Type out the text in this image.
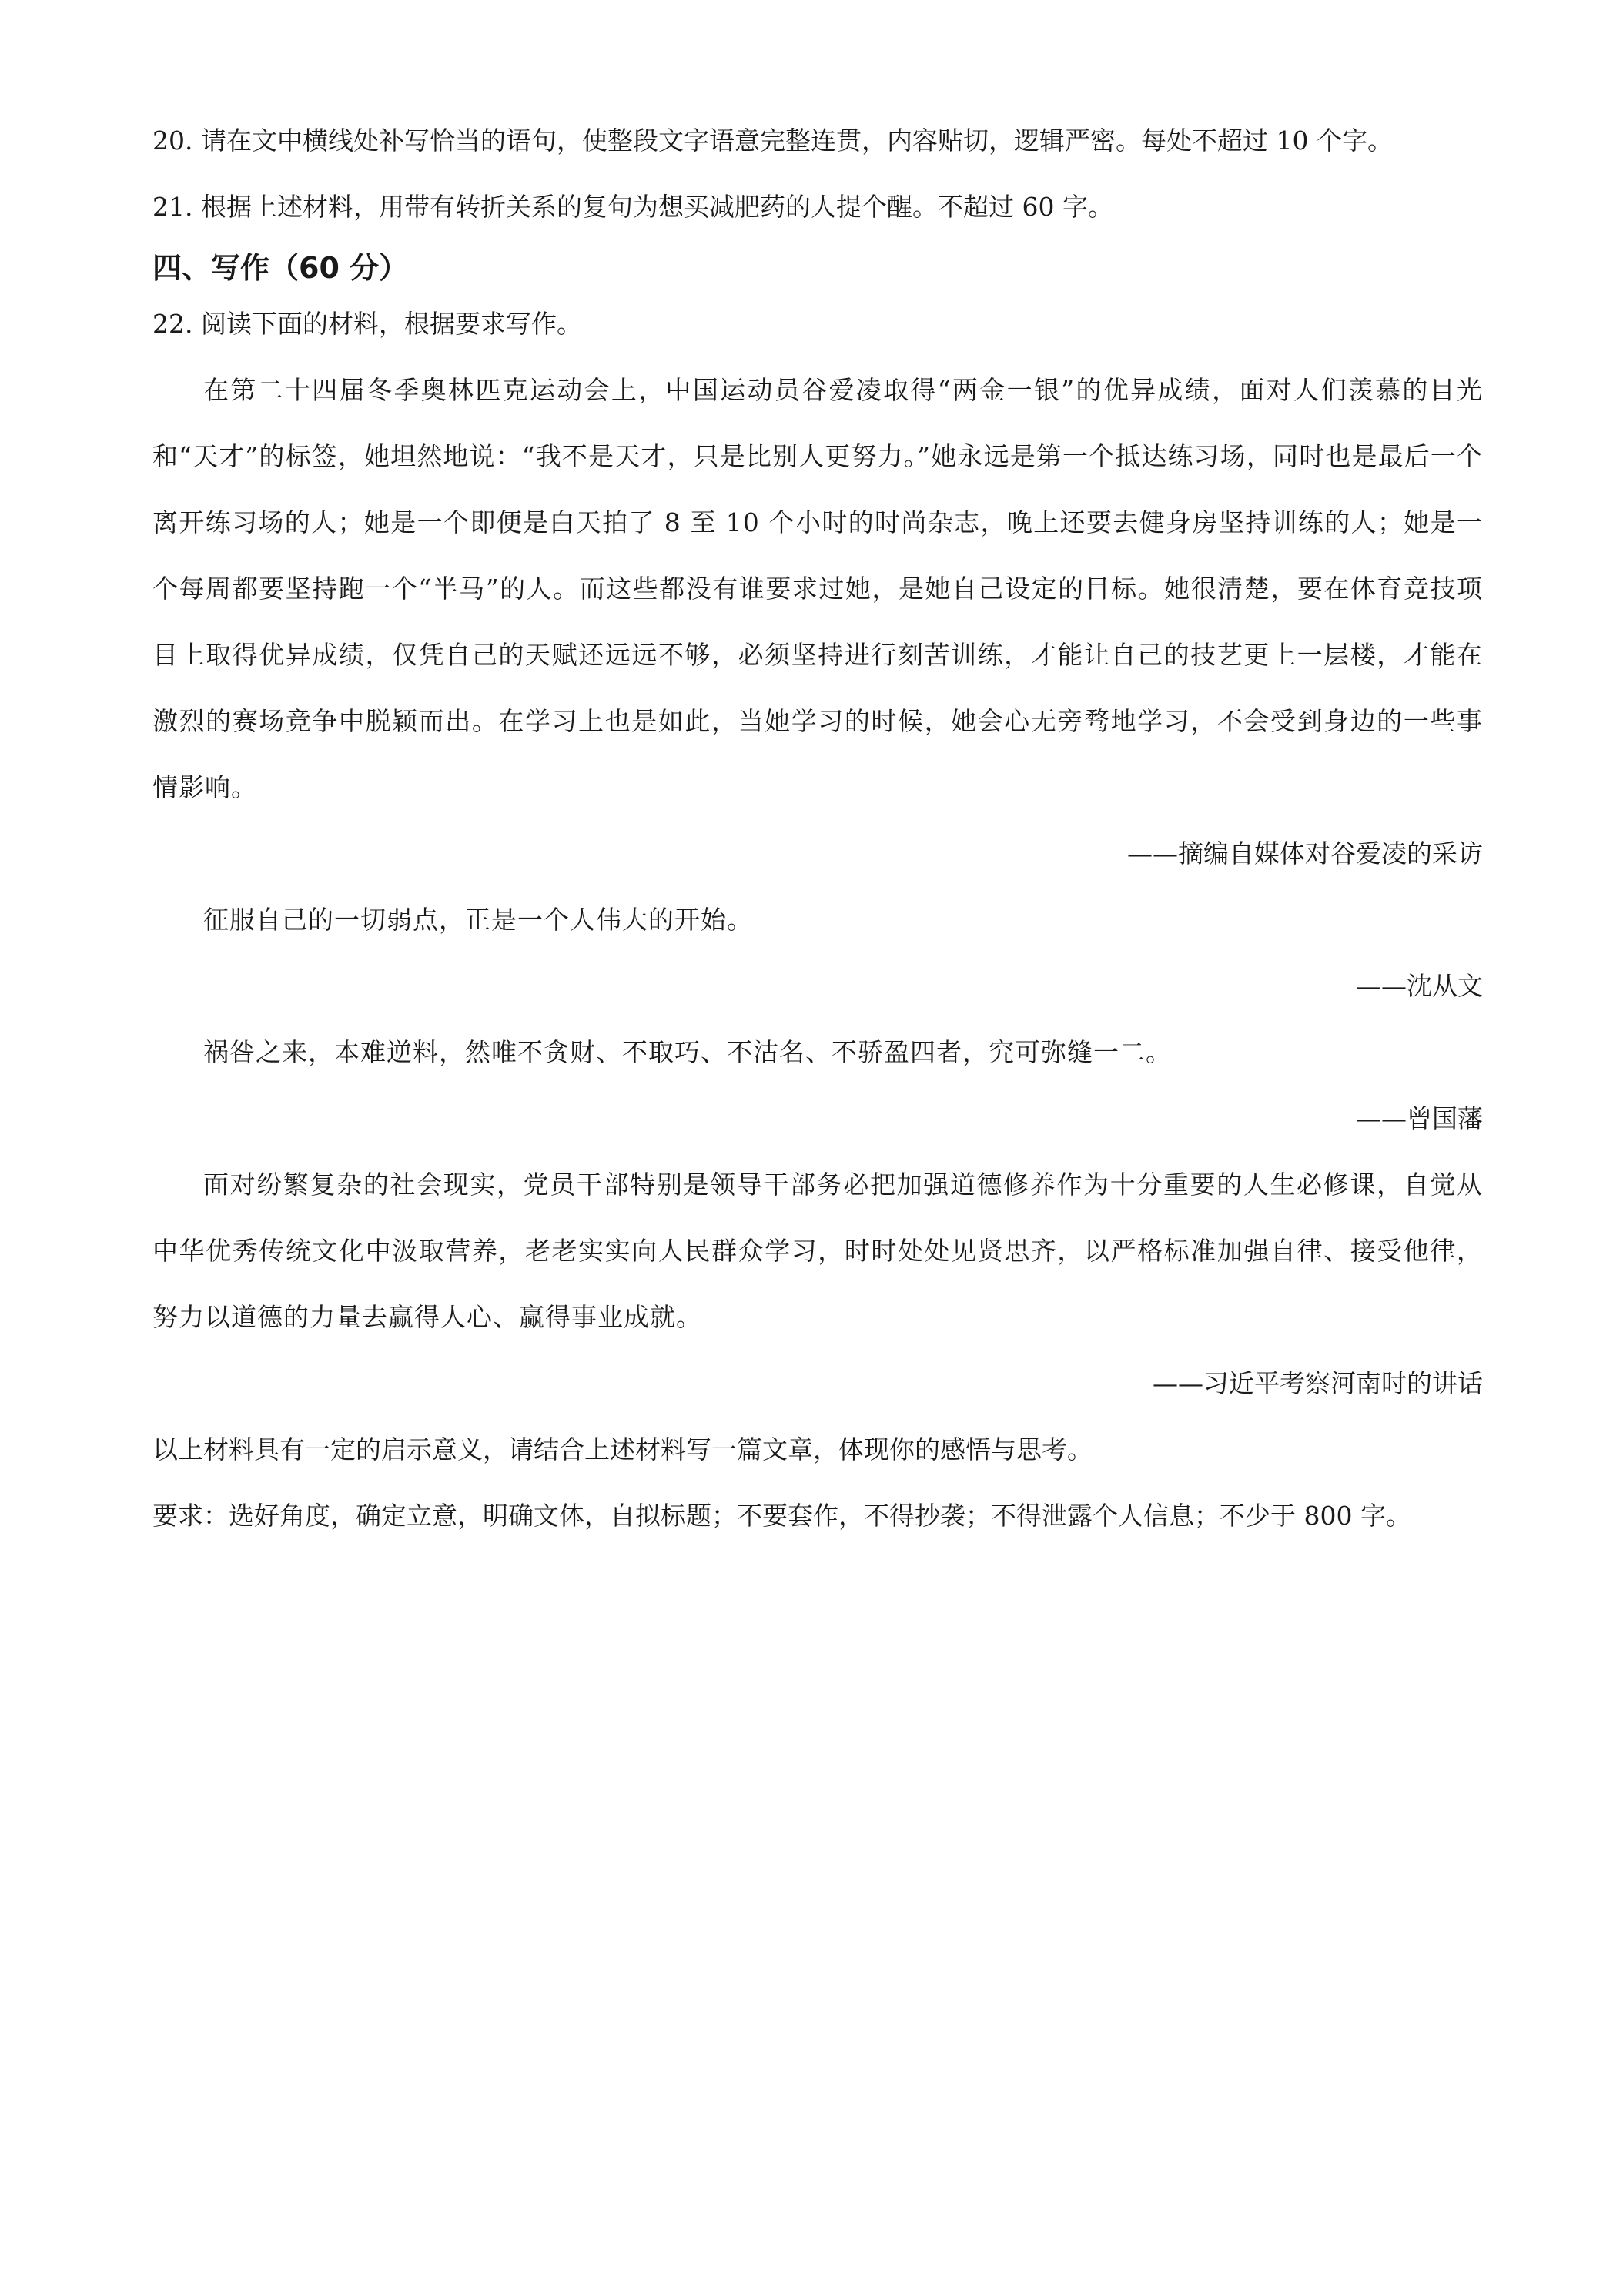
20. 请在文中横线处补写恰当的语句，使整段文字语意完整连贯，内容贴切，逻辑严密。每处不超过 10 个字。

21. 根据上述材料，用带有转折关系的复句为想买减肥药的人提个醒。不超过 60 字。

四、写作（60 分）

22. 阅读下面的材料，根据要求写作。

在第二十四届冬季奥林匹克运动会上，中国运动员谷爱凌取得“两金一银”的优异成绩，面对人们羡慕的目光和“天才”的标签，她坦然地说：“我不是天才，只是比别人更努力。”她永远是第一个抵达练习场，同时也是最后一个离开练习场的人；她是一个即便是白天拍了 8 至 10 个小时的时尚杂志，晚上还要去健身房坚持训练的人；她是一个每周都要坚持跑一个“半马”的人。而这些都没有谁要求过她，是她自己设定的目标。她很清楚，要在体育竞技项目上取得优异成绩，仅凭自己的天赋还远远不够，必须坚持进行刻苦训练，才能让自己的技艺更上一层楼，才能在激烈的赛场竞争中脱颖而出。在学习上也是如此，当她学习的时候，她会心无旁骛地学习，不会受到身边的一些事情影响。

——摘编自媒体对谷爱凌的采访

征服自己的一切弱点，正是一个人伟大的开始。

——沈从文

祸咎之来，本难逆料，然唯不贪财、不取巧、不沽名、不骄盈四者，究可弥缝一二。

——曾国藩

面对纷繁复杂的社会现实，党员干部特别是领导干部务必把加强道德修养作为十分重要的人生必修课，自觉从中华优秀传统文化中汲取营养，老老实实向人民群众学习，时时处处见贤思齐，以严格标准加强自律、接受他律，努力以道德的力量去赢得人心、赢得事业成就。

——习近平考察河南时的讲话

以上材料具有一定的启示意义，请结合上述材料写一篇文章，体现你的感悟与思考。

要求：选好角度，确定立意，明确文体，自拟标题；不要套作，不得抄袭；不得泄露个人信息；不少于 800 字。
